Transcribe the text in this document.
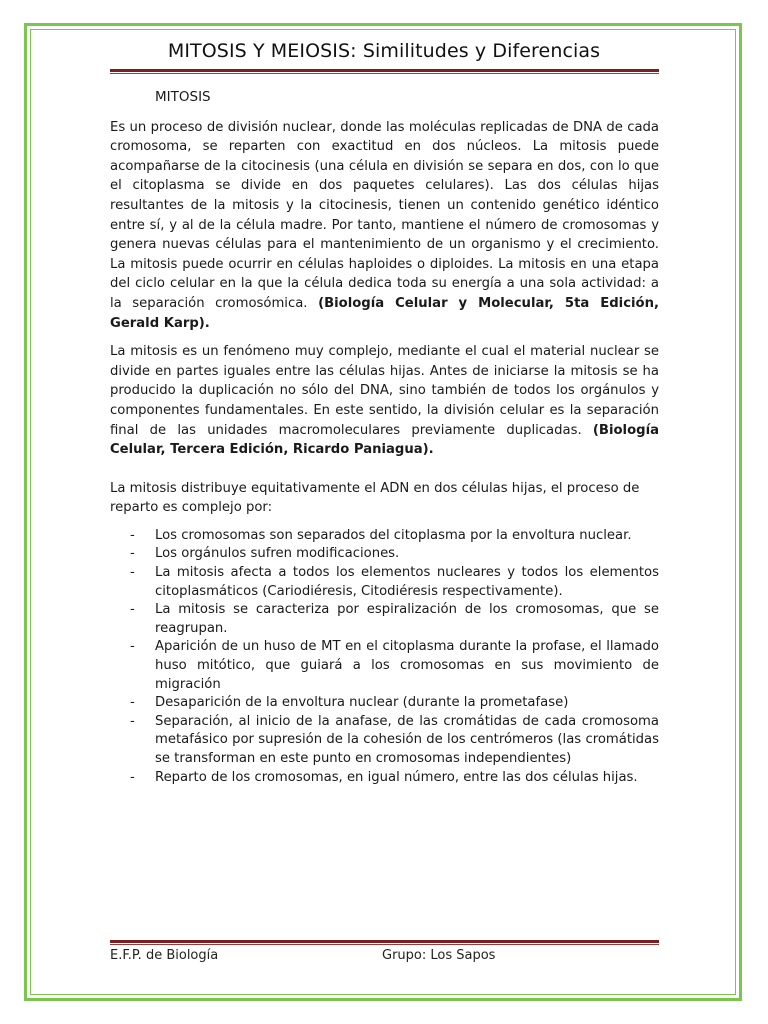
MITOSIS Y MEIOSIS: Similitudes y Diferencias
MITOSIS

Es un proceso de división nuclear, donde las moléculas replicadas de DNA de cada cromosoma, se reparten con exactitud en dos núcleos. La mitosis puede acompañarse de la citocinesis (una célula en división se separa en dos, con lo que el citoplasma se divide en dos paquetes celulares). Las dos células hijas resultantes de la mitosis y la citocinesis, tienen un contenido genético idéntico entre sí, y al de la célula madre. Por tanto, mantiene el número de cromosomas y genera nuevas células para el mantenimiento de un organismo y el crecimiento. La mitosis puede ocurrir en células haploides o diploides. La mitosis en una etapa del ciclo celular en la que la célula dedica toda su energía a una sola actividad: a la separación cromosómica. (Biología Celular y Molecular, 5ta Edición, Gerald Karp).

La mitosis es un fenómeno muy complejo, mediante el cual el material nuclear se divide en partes iguales entre las células hijas. Antes de iniciarse la mitosis se ha producido la duplicación no sólo del DNA, sino también de todos los orgánulos y componentes fundamentales. En este sentido, la división celular es la separación final de las unidades macromoleculares previamente duplicadas. (Biología Celular, Tercera Edición, Ricardo Paniagua).

La mitosis distribuye equitativamente el ADN en dos células hijas, el proceso de reparto es complejo por:

- Los cromosomas son separados del citoplasma por la envoltura nuclear.
- Los orgánulos sufren modificaciones.
- La mitosis afecta a todos los elementos nucleares y todos los elementos citoplasmáticos (Cariodiéresis, Citodiéresis respectivamente).
- La mitosis se caracteriza por espiralización de los cromosomas, que se reagrupan.
- Aparición de un huso de MT en el citoplasma durante la profase, el llamado huso mitótico, que guiará a los cromosomas en sus movimiento de migración
- Desaparición de la envoltura nuclear (durante la prometafase)
- Separación, al inicio de la anafase, de las cromátidas de cada cromosoma metafásico por supresión de la cohesión de los centrómeros (las cromátidas se transforman en este punto en cromosomas independientes)
- Reparto de los cromosomas, en igual número, entre las dos células hijas.
E.F.P. de Biología	Grupo: Los Sapos
